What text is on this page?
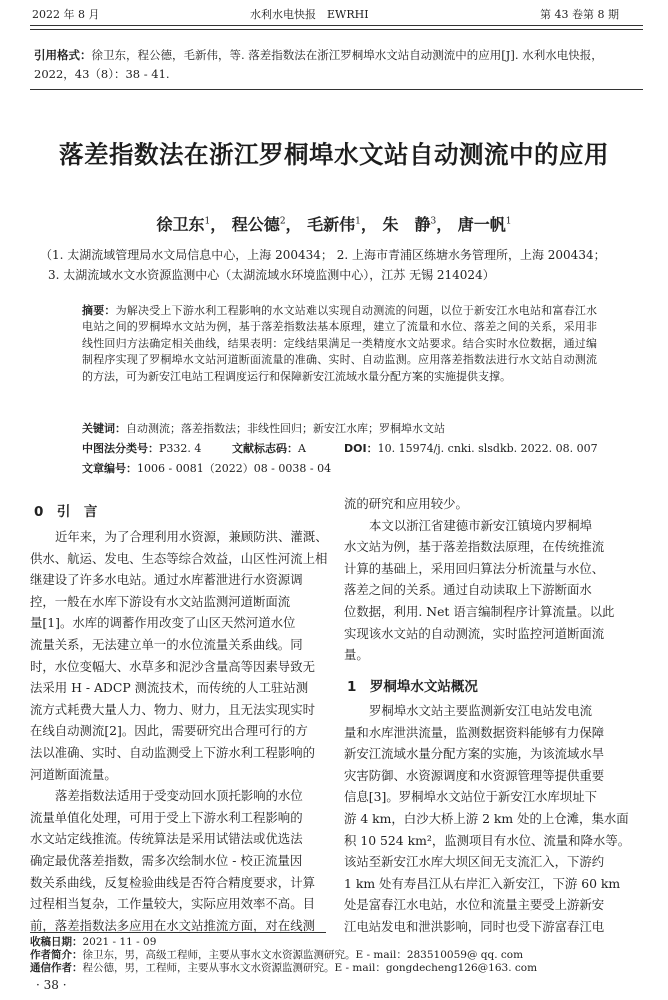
2022 年 8 月	水利水电快报　EWRHI	第 43 卷第 8 期
引用格式：徐卫东，程公德，毛新伟，等. 落差指数法在浙江罗桐埠水文站自动测流中的应用[J]. 水利水电快报，2022，43（8）：38 - 41.
落差指数法在浙江罗桐埠水文站自动测流中的应用
徐卫东$^1$， 程公德$^2$， 毛新伟$^1$， 朱　静$^3$， 唐一帆$^1$
（1. 太湖流域管理局水文局信息中心，上海 200434； 2. 上海市青浦区练塘水务管理所，上海 200434；
3. 太湖流域水文水资源监测中心（太湖流域水环境监测中心），江苏 无锡 214024）
摘要：为解决受上下游水利工程影响的水文站难以实现自动测流的问题，以位于新安江水电站和富春江水电站之间的罗桐埠水文站为例，基于落差指数法基本原理，建立了流量和水位、落差之间的关系，采用非线性回归方法确定相关曲线，结果表明：定线结果满足一类精度水文站要求。结合实时水位数据，通过编制程序实现了罗桐埠水文站河道断面流量的准确、实时、自动监测。应用落差指数法进行水文站自动测流的方法，可为新安江电站工程调度运行和保障新安江流域水量分配方案的实施提供支撑。
关键词：自动测流；落差指数法；非线性回归；新安江水库；罗桐埠水文站
中图法分类号：P332. 4	文献标志码：A	DOI：10. 15974/j. cnki. slsdkb. 2022. 08. 007
文章编号：1006 - 0081（2022）08 - 0038 - 04
0　引　言
近年来，为了合理利用水资源，兼顾防洪、灌溉、
供水、航运、发电、生态等综合效益，山区性河流上相
继建设了许多水电站。通过水库蓄泄进行水资源调
控，一般在水库下游设有水文站监测河道断面流
量[1]。水库的调蓄作用改变了山区天然河道水位
流量关系，无法建立单一的水位流量关系曲线。同
时，水位变幅大、水草多和泥沙含量高等因素导致无
法采用 H - ADCP 测流技术，而传统的人工驻站测
流方式耗费大量人力、物力、财力，且无法实现实时
在线自动测流[2]。因此，需要研究出合理可行的方
法以准确、实时、自动监测受上下游水利工程影响的
河道断面流量。
落差指数法适用于受变动回水顶托影响的水位
流量单值化处理，可用于受上下游水利工程影响的
水文站定线推流。传统算法是采用试错法或优选法
确定最优落差指数，需多次绘制水位 - 校正流量因
数关系曲线，反复检验曲线是否符合精度要求，计算
过程相当复杂，工作量较大，实际应用效率不高。目
前，落差指数法多应用在水文站推流方面，对在线测
流的研究和应用较少。
本文以浙江省建德市新安江镇境内罗桐埠
水文站为例，基于落差指数法原理，在传统推流
计算的基础上，采用回归算法分析流量与水位、
落差之间的关系。通过自动读取上下游断面水
位数据，利用. Net 语言编制程序计算流量。以此
实现该水文站的自动测流，实时监控河道断面流
量。
1　罗桐埠水文站概况
罗桐埠水文站主要监测新安江电站发电流
量和水库泄洪流量，监测数据资料能够有力保障
新安江流域水量分配方案的实施，为该流域水旱
灾害防御、水资源调度和水资源管理等提供重要
信息[3]。罗桐埠水文站位于新安江水库坝址下
游 4 km，白沙大桥上游 2 km 处的上仓滩，集水面
积 10 524 km²，监测项目有水位、流量和降水等。
该站至新安江水库大坝区间无支流汇入，下游约
1 km 处有寿昌江从右岸汇入新安江，下游 60 km
处是富春江水电站，水位和流量主要受上游新安
江电站发电和泄洪影响，同时也受下游富春江电
收稿日期：2021 - 11 - 09
作者简介：徐卫东，男，高级工程师，主要从事水文水资源监测研究。E - mail：283510059@ qq. com
通信作者：程公德，男，工程师，主要从事水文水资源监测研究。E - mail：gongdecheng126@163. com
· 38 ·
